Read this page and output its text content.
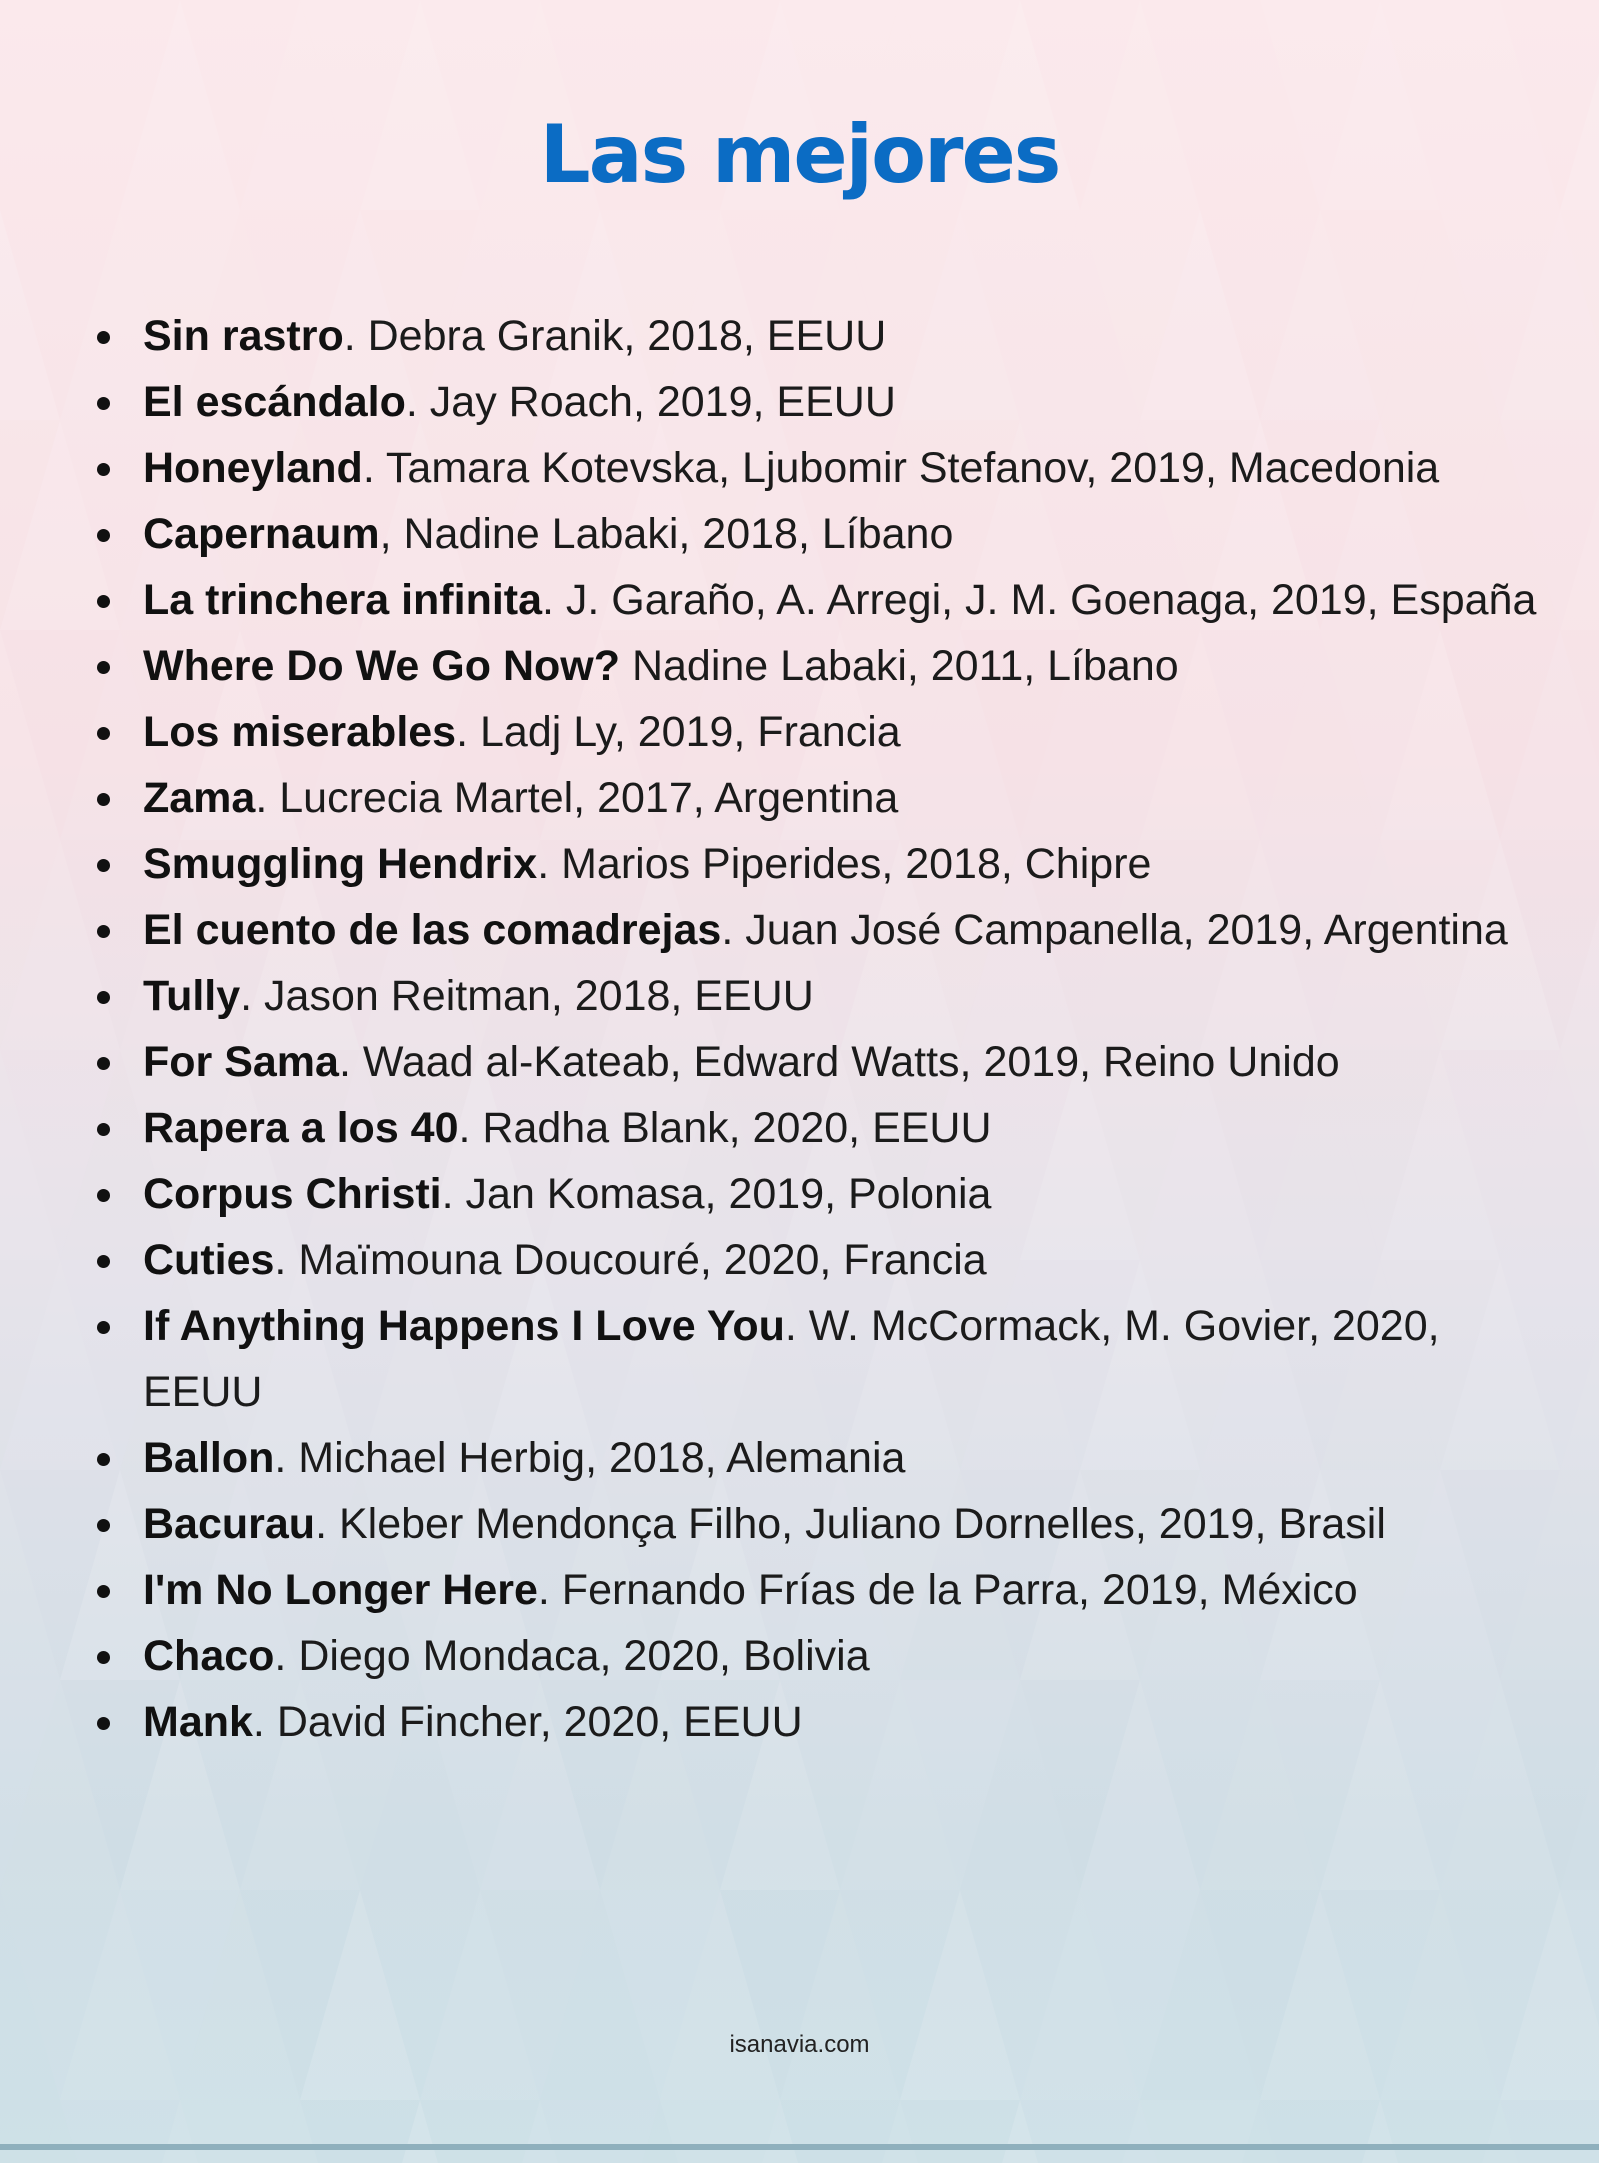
Las mejores
Sin rastro. Debra Granik, 2018, EEUU
El escándalo. Jay Roach, 2019, EEUU
Honeyland. Tamara Kotevska, Ljubomir Stefanov, 2019, Macedonia
Capernaum, Nadine Labaki, 2018, Líbano
La trinchera infinita. J. Garaño, A. Arregi, J. M. Goenaga, 2019, España
Where Do We Go Now? Nadine Labaki, 2011, Líbano
Los miserables. Ladj Ly, 2019, Francia
Zama. Lucrecia Martel, 2017, Argentina
Smuggling Hendrix. Marios Piperides, 2018, Chipre
El cuento de las comadrejas. Juan José Campanella, 2019, Argentina
Tully. Jason Reitman, 2018, EEUU
For Sama. Waad al-Kateab, Edward Watts, 2019, Reino Unido
Rapera a los 40. Radha Blank, 2020, EEUU
Corpus Christi. Jan Komasa, 2019, Polonia
Cuties. Maïmouna Doucouré, 2020, Francia
If Anything Happens I Love You. W. McCormack, M. Govier, 2020, EEUU
Ballon. Michael Herbig, 2018, Alemania
Bacurau. Kleber Mendonça Filho, Juliano Dornelles, 2019, Brasil
I'm No Longer Here. Fernando Frías de la Parra, 2019, México
Chaco. Diego Mondaca, 2020, Bolivia
Mank. David Fincher, 2020, EEUU
isanavia.com
